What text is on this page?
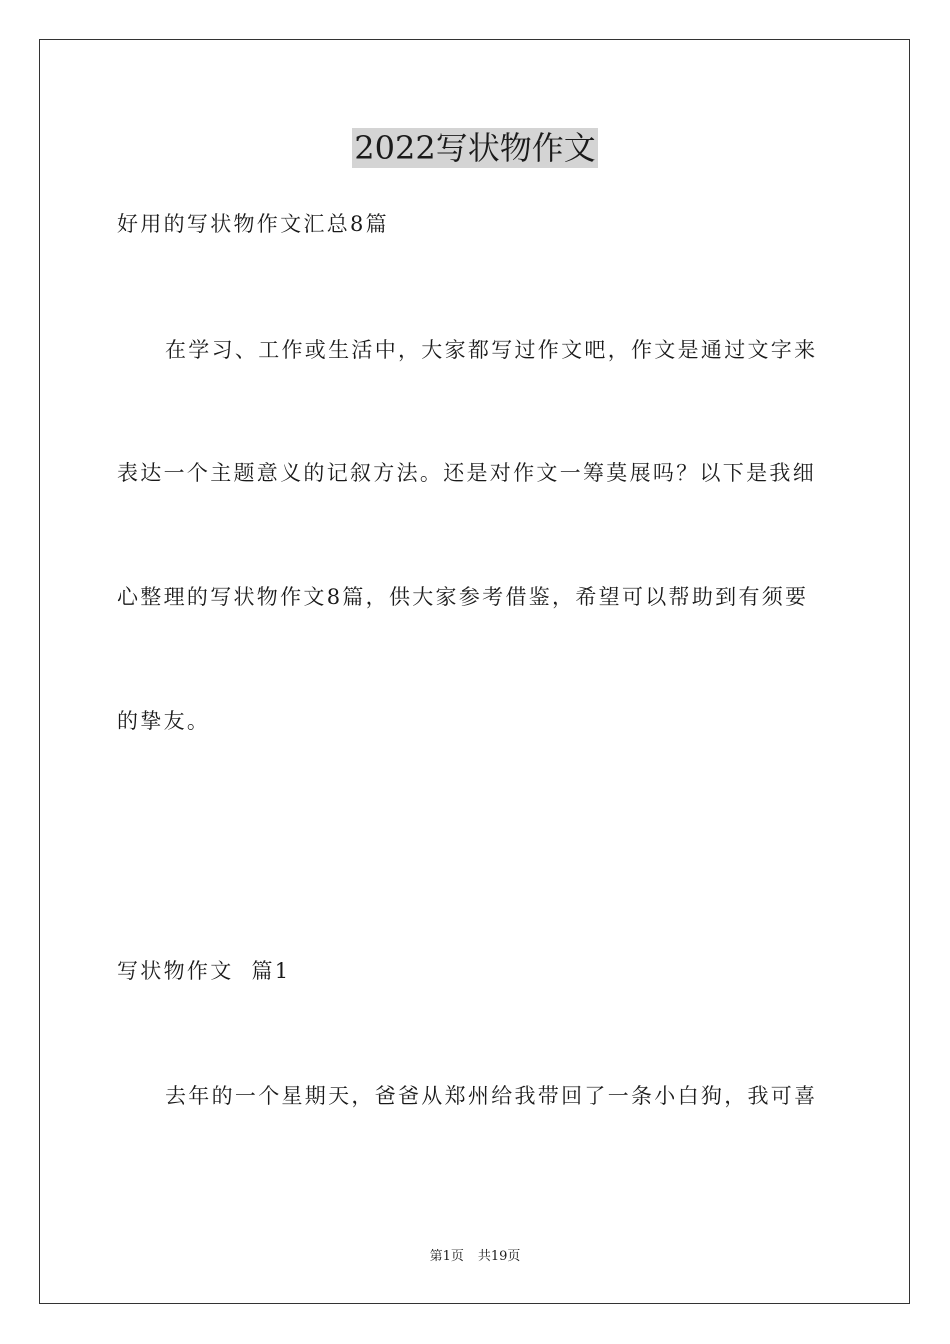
2022写状物作文
好用的写状物作文汇总8篇
在学习、工作或生活中，大家都写过作文吧，作文是通过文字来
表达一个主题意义的记叙方法。还是对作文一筹莫展吗？以下是我细
心整理的写状物作文8篇，供大家参考借鉴，希望可以帮助到有须要
的挚友。
写状物作文  篇1
去年的一个星期天，爸爸从郑州给我带回了一条小白狗，我可喜
第1页 共19页
